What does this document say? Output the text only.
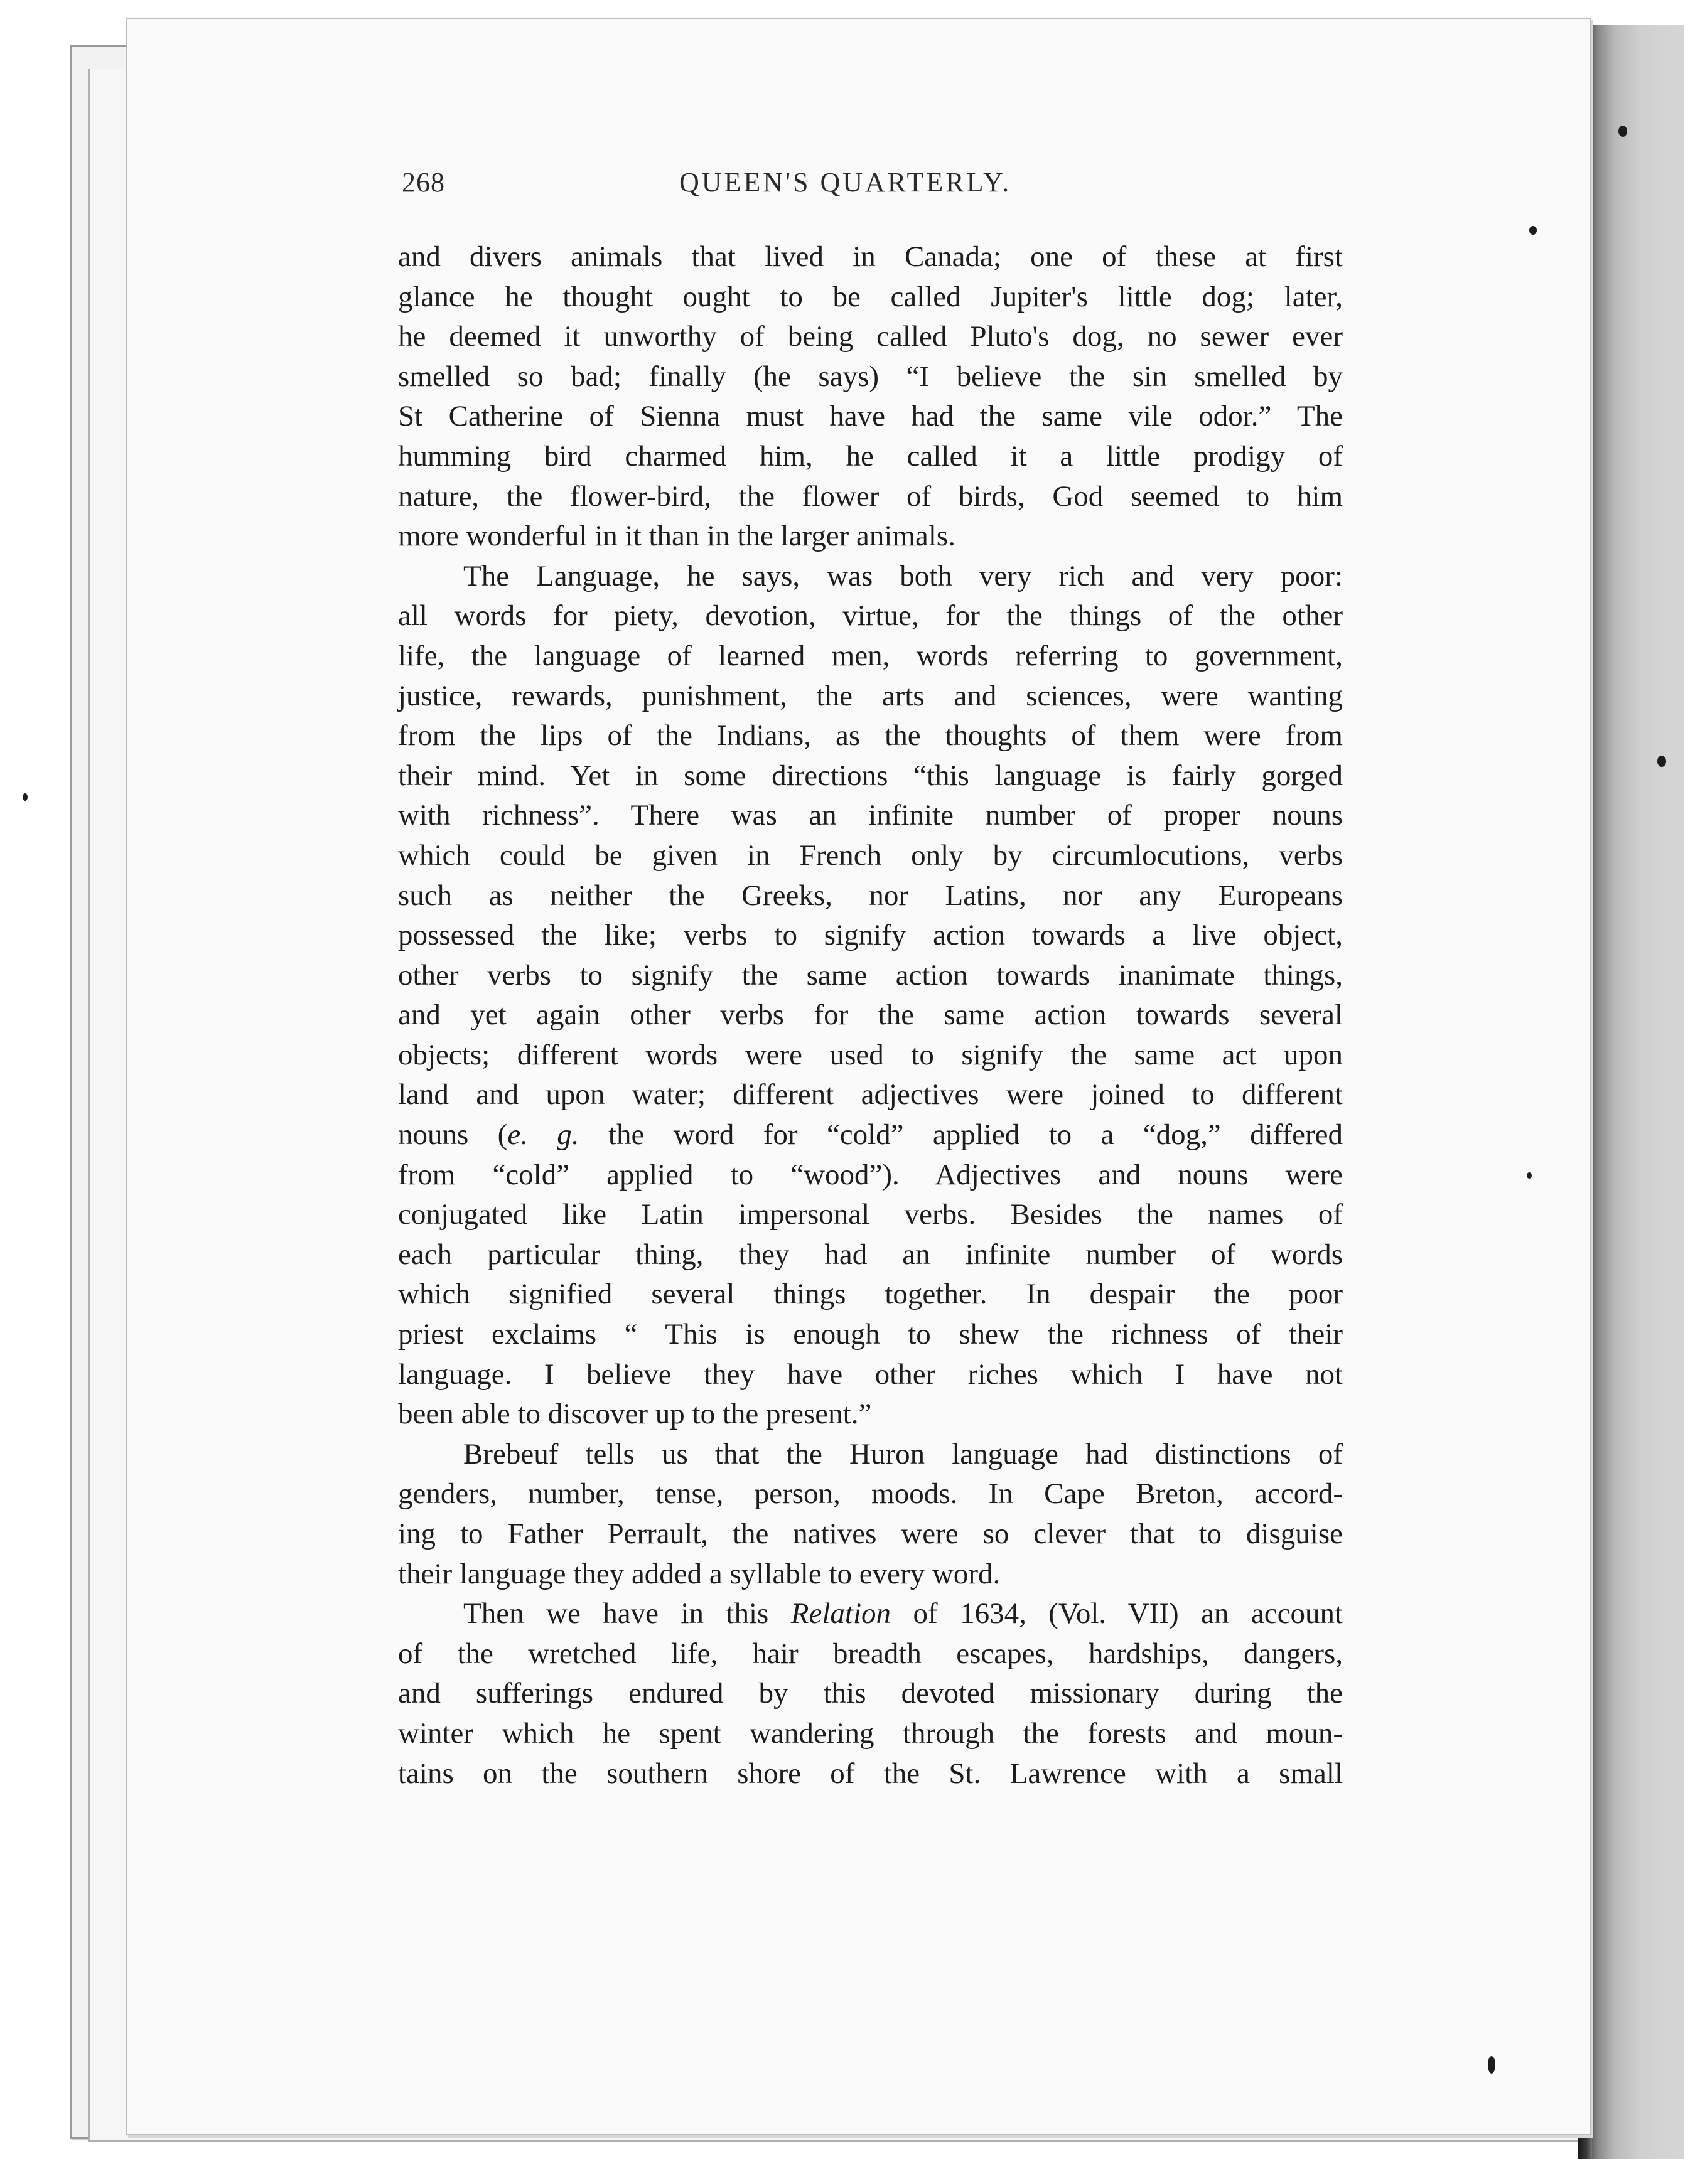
268	QUEEN'S QUARTERLY.
and divers animals that lived in Canada; one of these at first
glance he thought ought to be called Jupiter's little dog; later,
he deemed it unworthy of being called Pluto's dog, no sewer ever
smelled so bad; finally (he says) “I believe the sin smelled by
St Catherine of Sienna must have had the same vile odor.” The
humming bird charmed him, he called it a little prodigy of
nature, the flower-bird, the flower of birds, God seemed to him
more wonderful in it than in the larger animals.
The Language, he says, was both very rich and very poor:
all words for piety, devotion, virtue, for the things of the other
life, the language of learned men, words referring to government,
justice, rewards, punishment, the arts and sciences, were wanting
from the lips of the Indians, as the thoughts of them were from
their mind. Yet in some directions “this language is fairly gorged
with richness”. There was an infinite number of proper nouns
which could be given in French only by circumlocutions, verbs
such as neither the Greeks, nor Latins, nor any Europeans
possessed the like; verbs to signify action towards a live object,
other verbs to signify the same action towards inanimate things,
and yet again other verbs for the same action towards several
objects; different words were used to signify the same act upon
land and upon water; different adjectives were joined to different
nouns (e. g. the word for “cold” applied to a “dog,” differed
from “cold” applied to “wood”). Adjectives and nouns were
conjugated like Latin impersonal verbs. Besides the names of
each particular thing, they had an infinite number of words
which signified several things together. In despair the poor
priest exclaims “ This is enough to shew the richness of their
language. I believe they have other riches which I have not
been able to discover up to the present.”
Brebeuf tells us that the Huron language had distinctions of
genders, number, tense, person, moods. In Cape Breton, accord-
ing to Father Perrault, the natives were so clever that to disguise
their language they added a syllable to every word.
Then we have in this Relation of 1634, (Vol. VII) an account
of the wretched life, hair breadth escapes, hardships, dangers,
and sufferings endured by this devoted missionary during the
winter which he spent wandering through the forests and moun-
tains on the southern shore of the St. Lawrence with a small
